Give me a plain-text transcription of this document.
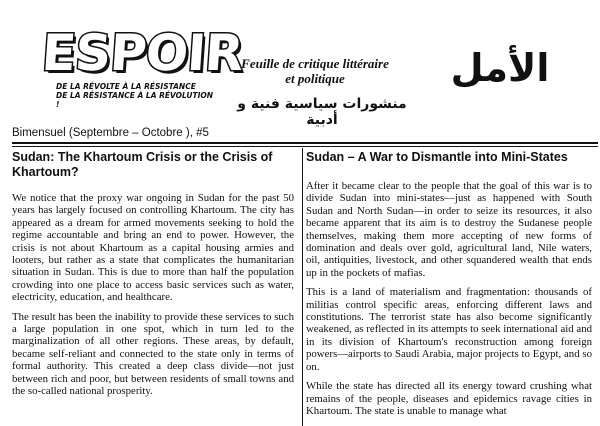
ESPOIR
DE LA RÉVOLTE À LA RÉSISTANCE
DE LA RÉSISTANCE À LA RÉVOLUTION !
Feuille de critique littéraire
et politique
منشورات سياسية فنية و أدبية
الأمل
Bimensuel (Septembre – Octobre ), #5
Sudan: The Khartoum Crisis or the Crisis of Khartoum?

We notice that the proxy war ongoing in Sudan for the past 50 years has largely focused on controlling Khartoum. The city has appeared as a dream for armed movements seeking to hold the regime accountable and bring an end to power. However, the crisis is not about Khartoum as a capital housing armies and looters, but rather as a state that complicates the humanitarian situation in Sudan. This is due to more than half the population crowding into one place to access basic services such as water, electricity, education, and healthcare.

The result has been the inability to provide these services to such a large population in one spot, which in turn led to the marginalization of all other regions. These areas, by default, became self-reliant and connected to the state only in terms of formal authority. This created a deep class divide—not just between rich and poor, but between residents of small towns and the so-called national prosperity.

Sudan – A War to Dismantle into Mini-States

After it became clear to the people that the goal of this war is to divide Sudan into mini-states—just as happened with South Sudan and North Sudan—in order to seize its resources, it also became apparent that its aim is to destroy the Sudanese people themselves, making them more accepting of new forms of domination and deals over gold, agricultural land, Nile waters, oil, antiquities, livestock, and other squandered wealth that ends up in the pockets of mafias.

This is a land of materialism and fragmentation: thousands of militias control specific areas, enforcing different laws and constitutions. The terrorist state has also become significantly weakened, as reflected in its attempts to seek international aid and in its division of Khartoum's reconstruction among foreign powers—airports to Saudi Arabia, major projects to Egypt, and so on.

While the state has directed all its energy toward crushing what remains of the people, diseases and epidemics ravage cities in Khartoum. The state is unable to manage what
